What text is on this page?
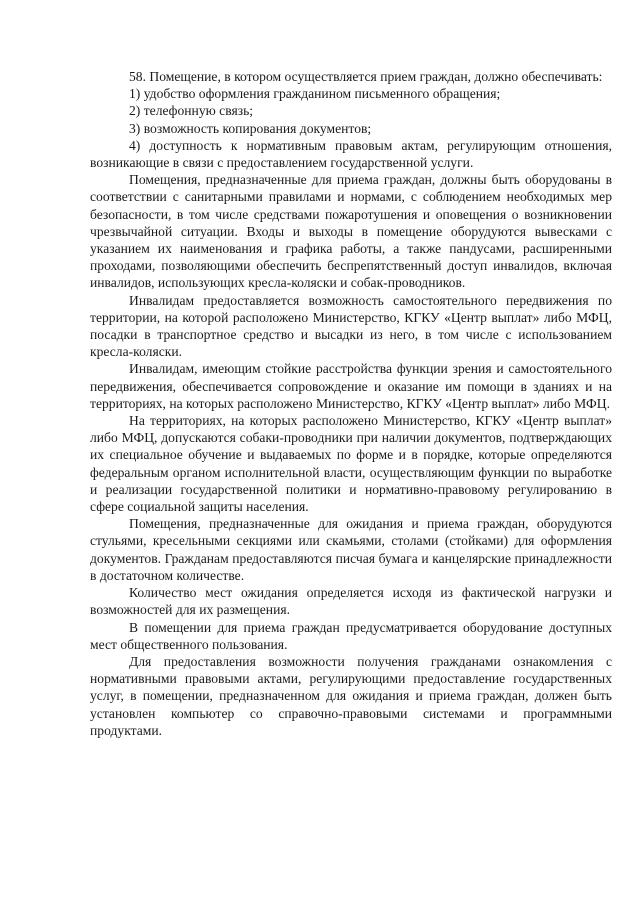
58. Помещение, в котором осуществляется прием граждан, должно обеспечивать:

1) удобство оформления гражданином письменного обращения;

2) телефонную связь;

3) возможность копирования документов;

4) доступность к нормативным правовым актам, регулирующим отношения, возникающие в связи с предоставлением государственной услуги.

Помещения, предназначенные для приема граждан, должны быть оборудованы в соответствии с санитарными правилами и нормами, с соблюдением необходимых мер безопасности, в том числе средствами пожаротушения и оповещения о возникновении чрезвычайной ситуации. Входы и выходы в помещение оборудуются вывесками с указанием их наименования и графика работы, а также пандусами, расширенными проходами, позволяющими обеспечить беспрепятственный доступ инвалидов, включая инвалидов, использующих кресла-коляски и собак-проводников.

Инвалидам предоставляется возможность самостоятельного передвижения по территории, на которой расположено Министерство, КГКУ «Центр выплат» либо МФЦ, посадки в транспортное средство и высадки из него, в том числе с использованием кресла-коляски.

Инвалидам, имеющим стойкие расстройства функции зрения и самостоятельного передвижения, обеспечивается сопровождение и оказание им помощи в зданиях и на территориях, на которых расположено Министерство, КГКУ «Центр выплат» либо МФЦ.

На территориях, на которых расположено Министерство, КГКУ «Центр выплат» либо МФЦ, допускаются собаки-проводники при наличии документов, подтверждающих их специальное обучение и выдаваемых по форме и в порядке, которые определяются федеральным органом исполнительной власти, осуществляющим функции по выработке и реализации государственной политики и нормативно-правовому регулированию в сфере социальной защиты населения.

Помещения, предназначенные для ожидания и приема граждан, оборудуются стульями, кресельными секциями или скамьями, столами (стойками) для оформления документов. Гражданам предоставляются писчая бумага и канцелярские принадлежности в достаточном количестве.

Количество мест ожидания определяется исходя из фактической нагрузки и возможностей для их размещения.

В помещении для приема граждан предусматривается оборудование доступных мест общественного пользования.

Для предоставления возможности получения гражданами ознакомления с нормативными правовыми актами, регулирующими предоставление государственных услуг, в помещении, предназначенном для ожидания и приема граждан, должен быть установлен компьютер со справочно-правовыми системами и программными продуктами.
